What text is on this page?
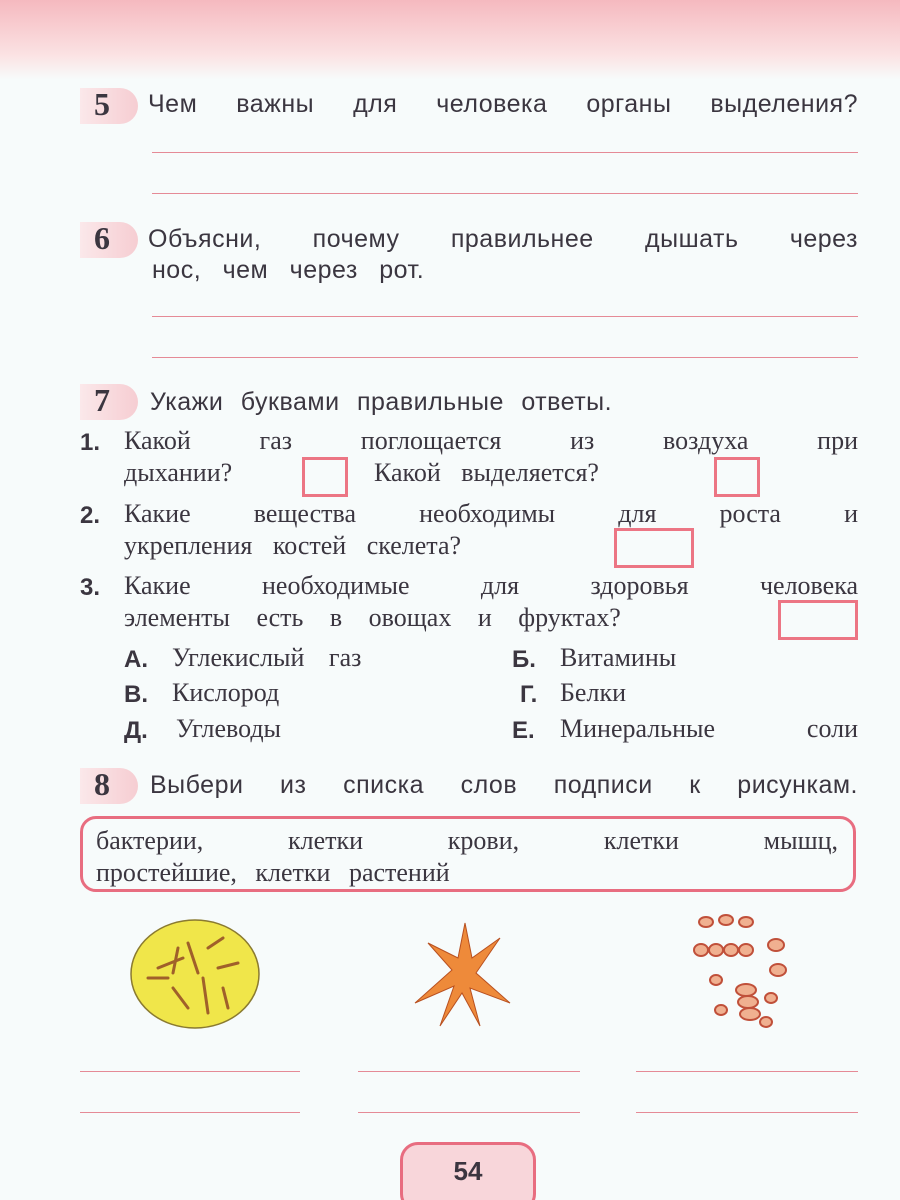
5 Чем важны для человека органы выделения?
6 Объясни, почему правильнее дышать через
нос, чем через рот.
7 Укажи буквами правильные ответы.
1. Какой газ поглощается из воздуха при
дыхании?	Какой выделяется?
2. Какие вещества необходимы для роста и
укрепления костей скелета?
3. Какие необходимые для здоровья человека
элементы есть в овощах и фруктах?
А. Углекислый газ	Б. Витамины
В. Кислород	Г. Белки
Д. Углеводы	Е. Минеральные соли
8 Выбери из списка слов подписи к рисункам.
бактерии, клетки крови, клетки мышц,
простейшие, клетки растений
54
